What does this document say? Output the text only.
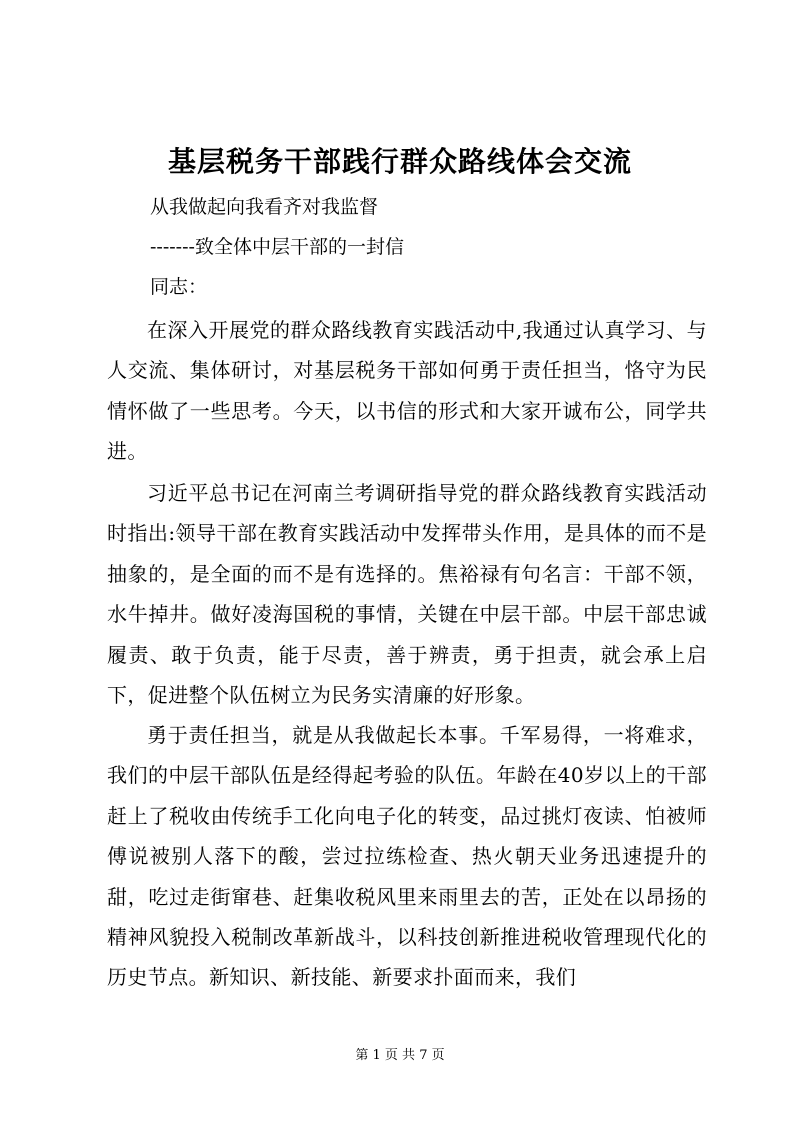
基层税务干部践行群众路线体会交流
从我做起向我看齐对我监督
-------致全体中层干部的一封信
同志：
在深入开展党的群众路线教育实践活动中,我通过认真学习、与人交流、集体研讨，对基层税务干部如何勇于责任担当，恪守为民情怀做了一些思考。今天，以书信的形式和大家开诚布公，同学共进。
习近平总书记在河南兰考调研指导党的群众路线教育实践活动时指出:领导干部在教育实践活动中发挥带头作用，是具体的而不是抽象的，是全面的而不是有选择的。焦裕禄有句名言：干部不领，水牛掉井。做好凌海国税的事情，关键在中层干部。中层干部忠诚履责、敢于负责，能于尽责，善于辨责，勇于担责，就会承上启下，促进整个队伍树立为民务实清廉的好形象。
勇于责任担当，就是从我做起长本事。千军易得，一将难求，我们的中层干部队伍是经得起考验的队伍。年龄在40岁以上的干部赶上了税收由传统手工化向电子化的转变，品过挑灯夜读、怕被师傅说被别人落下的酸，尝过拉练检查、热火朝天业务迅速提升的甜，吃过走街窜巷、赶集收税风里来雨里去的苦，正处在以昂扬的精神风貌投入税制改革新战斗，以科技创新推进税收管理现代化的历史节点。新知识、新技能、新要求扑面而来，我们
第 1 页 共 7 页
